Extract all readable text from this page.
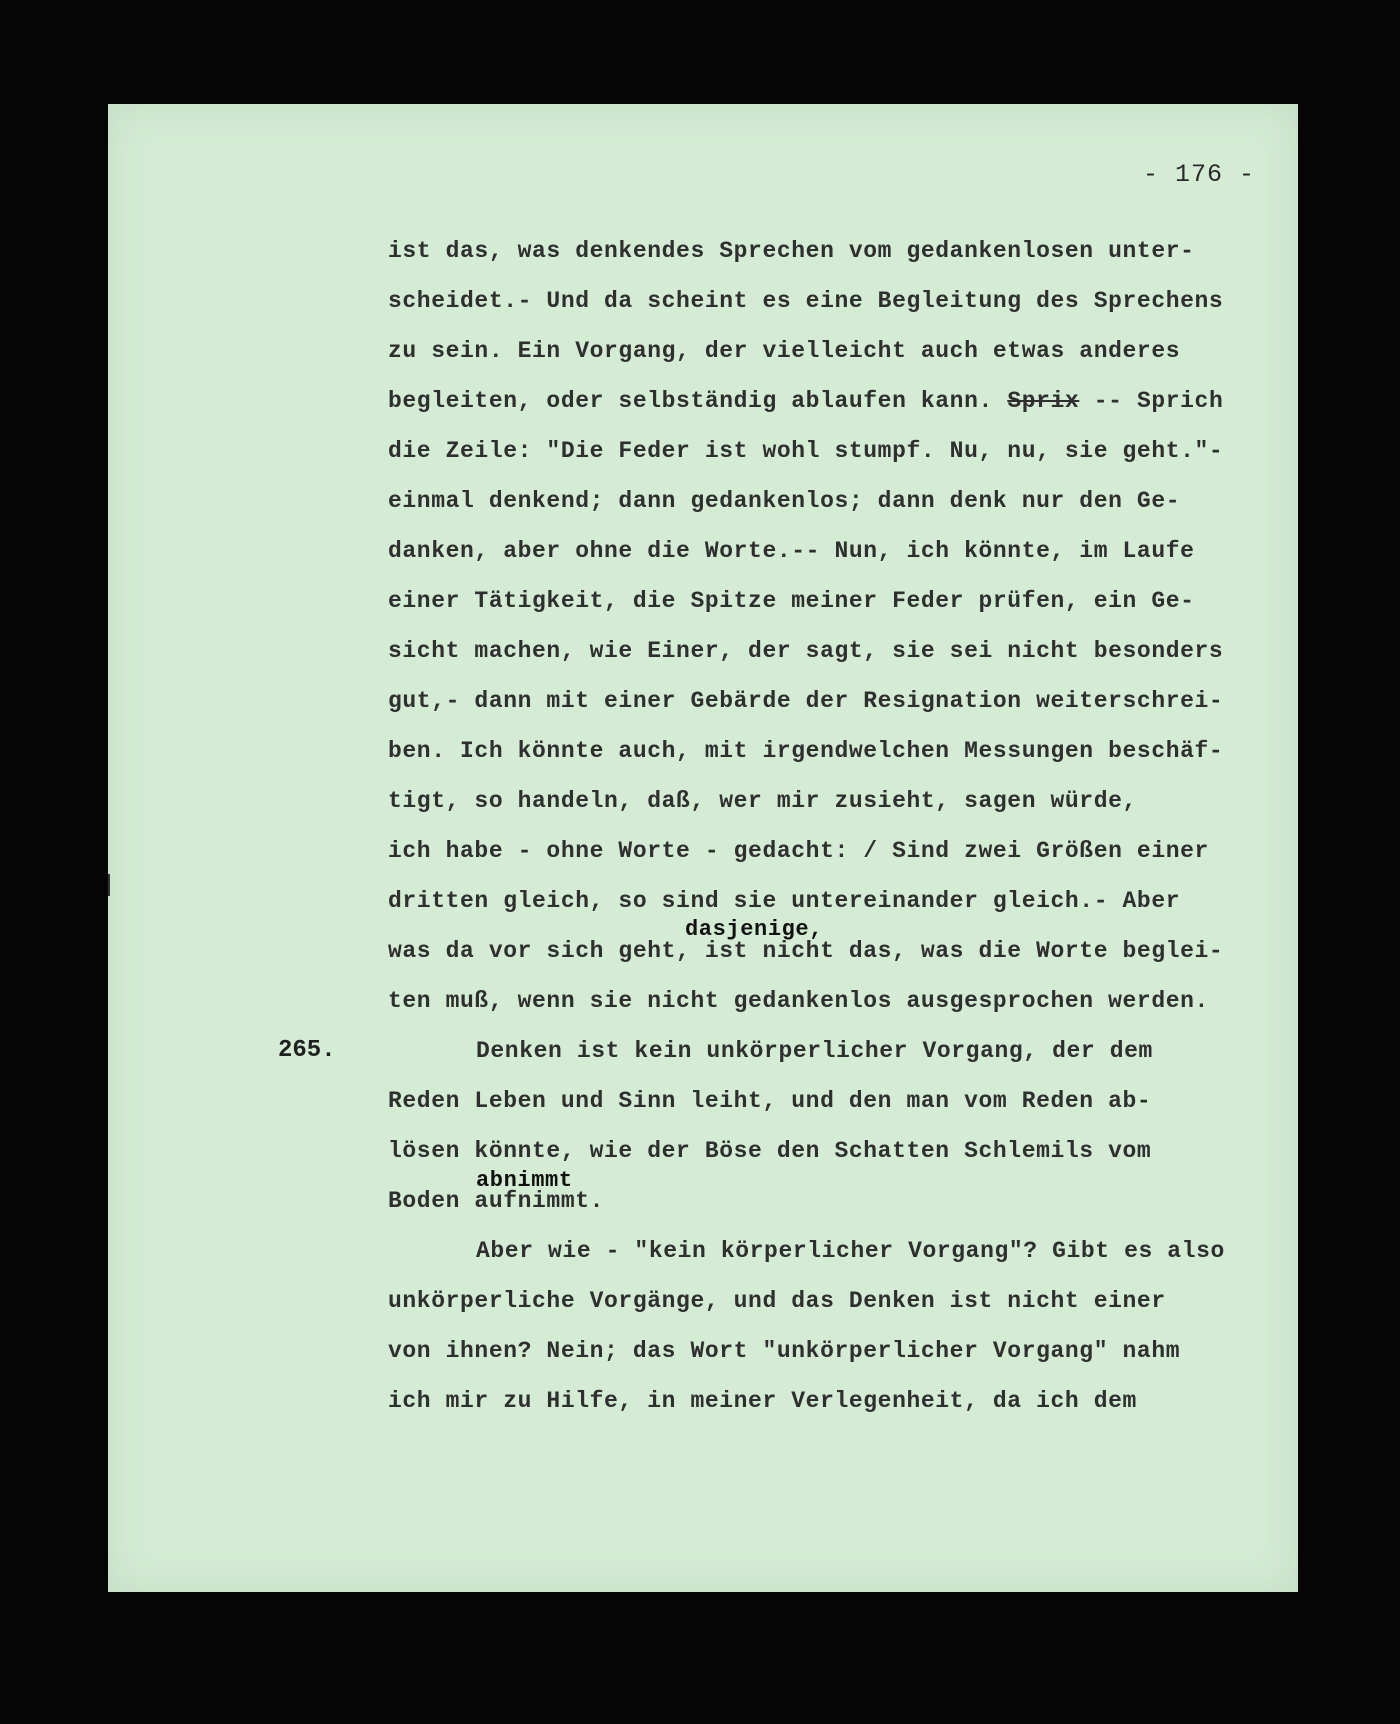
- 176 -
ist das, was denkendes Sprechen vom gedankenlosen unter-
scheidet.- Und da scheint es eine Begleitung des Sprechens
zu sein. Ein Vorgang, der vielleicht auch etwas anderes
begleiten, oder selbständig ablaufen kann. Sprix -- Sprich
die Zeile: "Die Feder ist wohl stumpf. Nu, nu, sie geht."-
einmal denkend; dann gedankenlos; dann denk nur den Ge-
danken, aber ohne die Worte.-- Nun, ich könnte, im Laufe
einer Tätigkeit, die Spitze meiner Feder prüfen, ein Ge-
sicht machen, wie Einer, der sagt, sie sei nicht besonders
gut,- dann mit einer Gebärde der Resignation weiterschrei-
ben. Ich könnte auch, mit irgendwelchen Messungen beschäf-
tigt, so handeln, daß, wer mir zusieht, sagen würde,
ich habe - ohne Worte - gedacht: / Sind zwei Größen einer
dritten gleich, so sind sie untereinander gleich.- Aber
dasjenige,
was da vor sich geht, ist nicht das, was die Worte beglei-
ten muß, wenn sie nicht gedankenlos ausgesprochen werden.
265.	Denken ist kein unkörperlicher Vorgang, der dem
Reden Leben und Sinn leiht, und den man vom Reden ab-
lösen könnte, wie der Böse den Schatten Schlemils vom
abnimmt
Boden aufnimmt.
Aber wie - "kein körperlicher Vorgang"? Gibt es also
unkörperliche Vorgänge, und das Denken ist nicht einer
von ihnen? Nein; das Wort "unkörperlicher Vorgang" nahm
ich mir zu Hilfe, in meiner Verlegenheit, da ich dem
